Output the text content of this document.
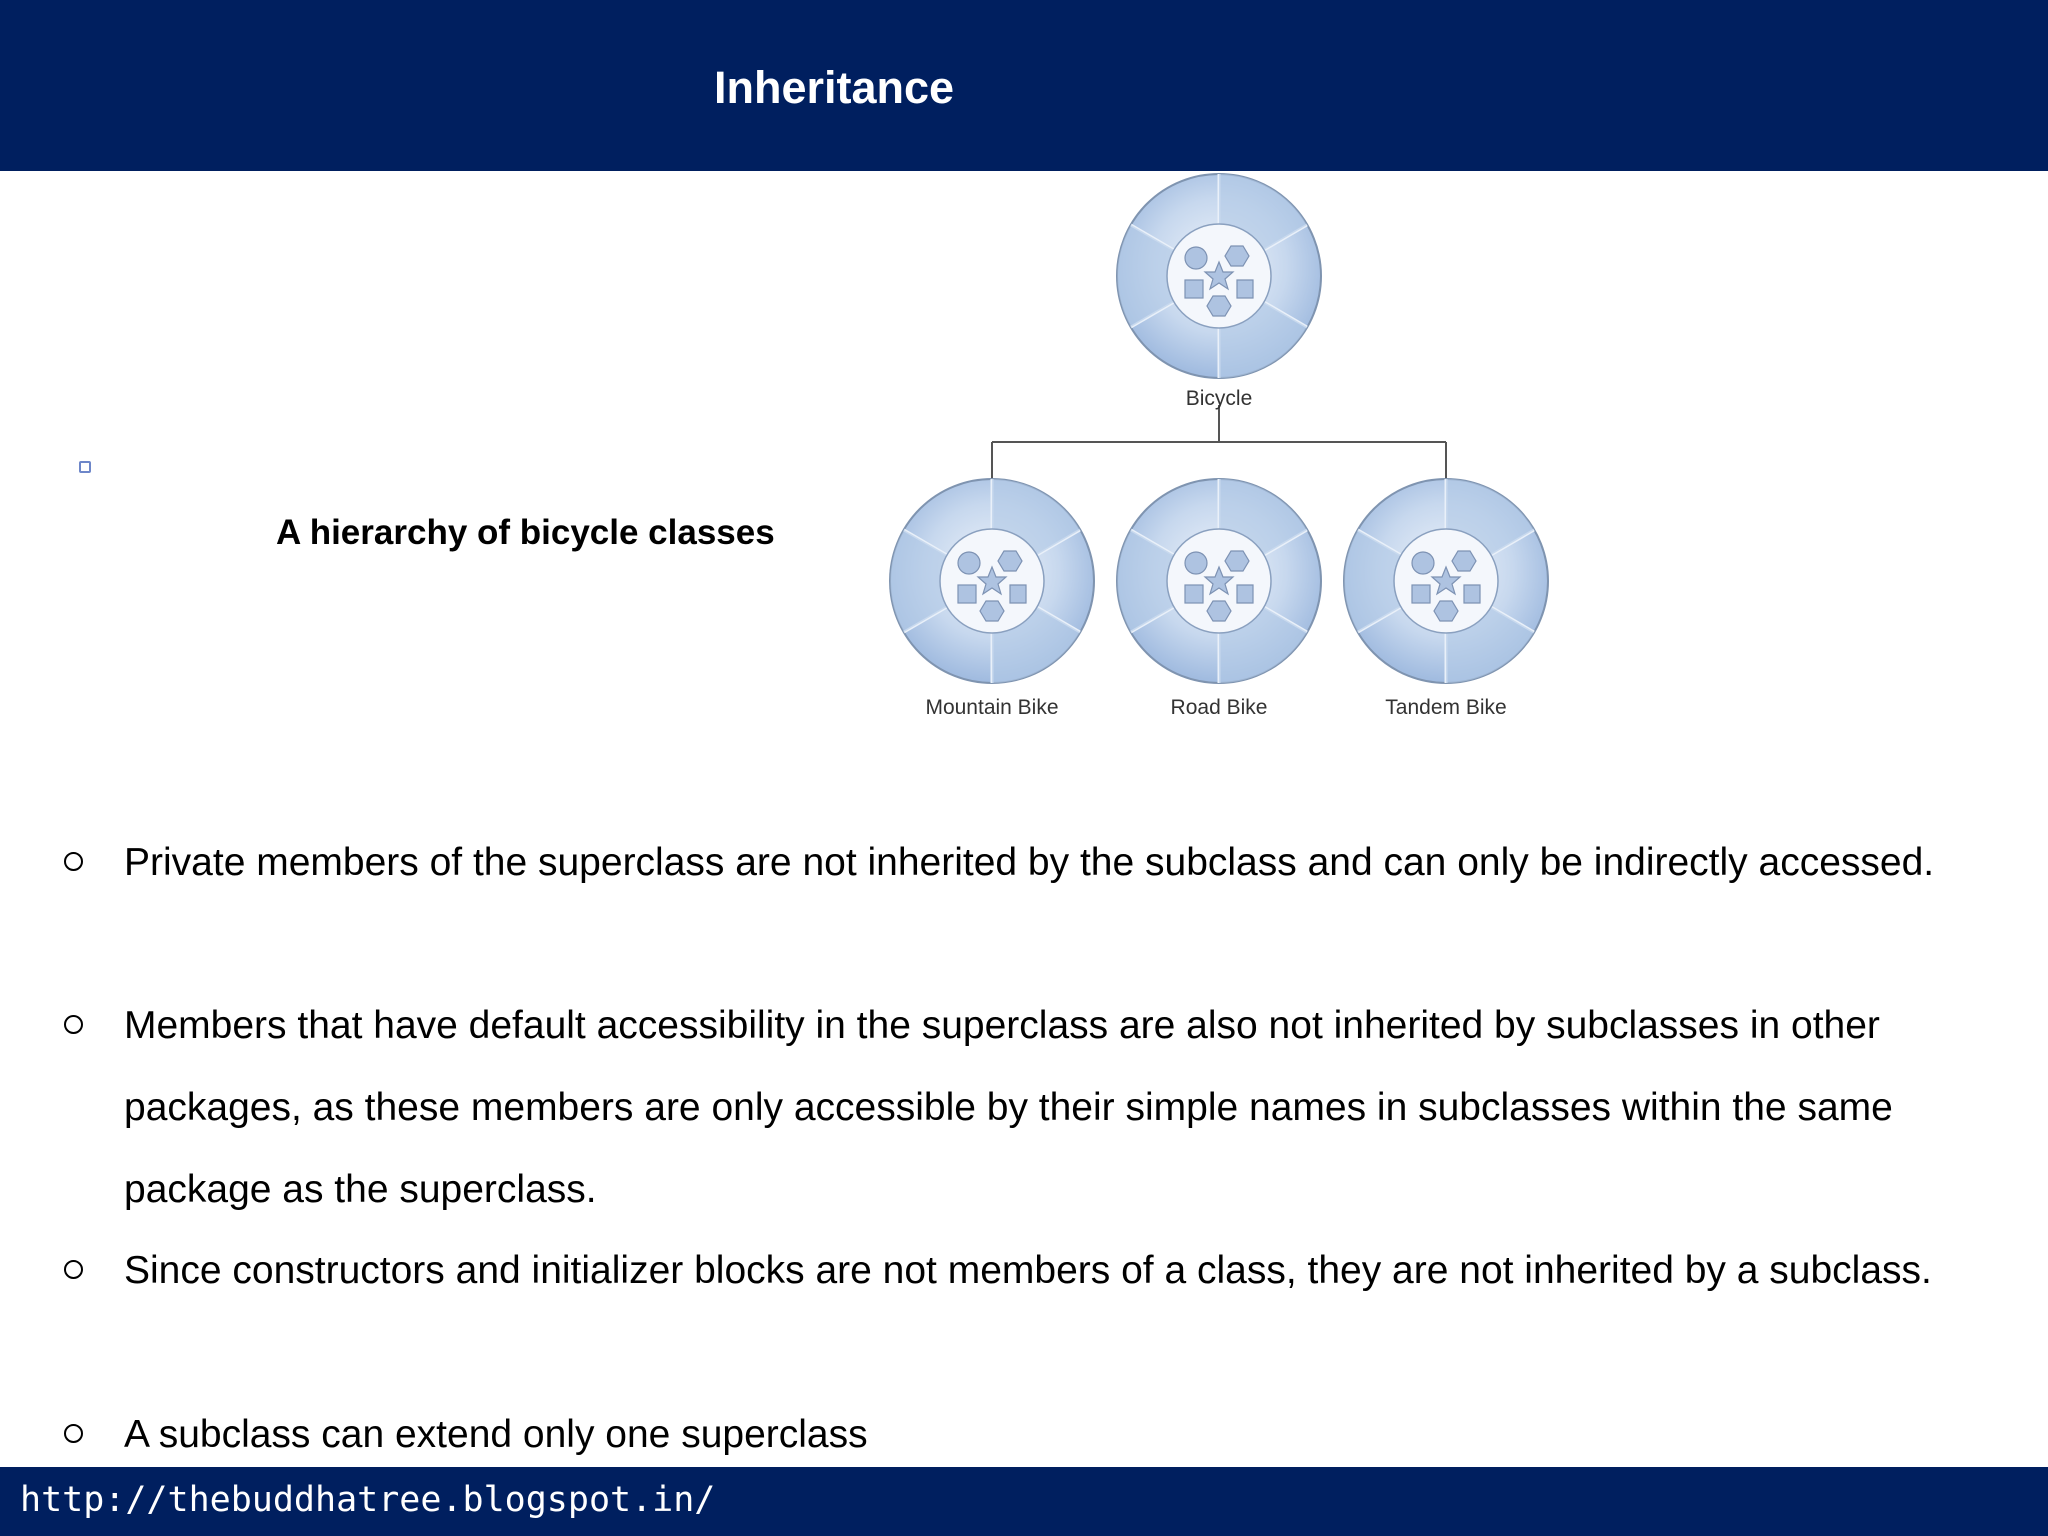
Inheritance
A hierarchy of bicycle classes
Bicycle
Mountain Bike	Road Bike	Tandem Bike
Private members of the superclass are not inherited by the subclass and can only be indirectly accessed.
Members that have default accessibility in the superclass are also not inherited by subclasses in other packages, as these members are only accessible by their simple names in subclasses within the same package as the superclass.
Since constructors and initializer blocks are not members of a class, they are not inherited by a subclass.
A subclass can extend only one superclass
http://thebuddhatree.blogspot.in/
